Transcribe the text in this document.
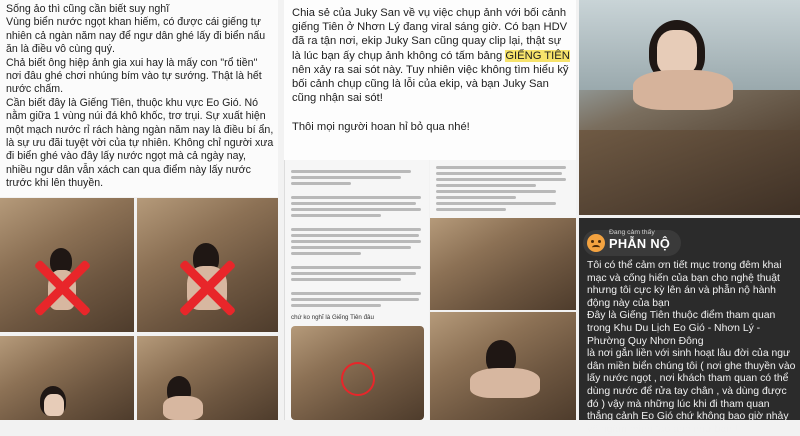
Sống ảo thì cũng cần biết suy nghĩ
Vùng biển nước ngọt khan hiếm, có được cái giếng tự nhiên cả ngàn năm nay để ngư dân ghé lấy đi biển nấu ăn là điều vô cùng quý.
Chả biết ông hiệp ảnh gia xui hay là mấy con "rổ tiền" nơi đâu ghé chơi nhúng bím vào tự sướng. Thật là hết nước chấm.
Cần biết đây là Giếng Tiên, thuộc khu vực Eo Gió. Nó nằm giữa 1 vùng núi đá khô khốc, trơ trụi. Sự xuất hiện một mạch nước rỉ rách hàng ngàn năm nay là điều bí ẩn, là sự ưu đãi tuyệt vời của tự nhiên. Không chỉ người xưa đi biển ghé vào đây lấy nước ngọt mà cả ngày nay, nhiều ngư dân vẫn xách can qua điểm này lấy nước trước khi lên thuyền.
Chia sẻ của Juky San về vụ việc chụp ảnh với bối cảnh giếng Tiên ở Nhơn Lý đang viral sáng giờ. Có bạn HDV đã ra tận nơi, ekip Juky San cũng quay clip lại, thật sự là lúc bạn ấy chụp ảnh không có tấm bảng GIẾNG TIÊN nên xảy ra sai sót này. Tuy nhiên việc không tìm hiểu kỹ bối cảnh chụp cũng là lỗi của ekip, và bạn Juky San cũng nhận sai sót!

Thôi mọi người hoan hỉ bỏ qua nhé!
chứ ko nghĩ là Giếng Tiên đâu
Đang cảm thấy
PHẪN NỘ
Tôi có thể cảm ơn tiết mục trong đêm khai mạc và cống hiến của bạn cho nghệ thuật nhưng tôi cực kỳ lên án và phẫn nộ hành động này của bạn
Đây là Giếng Tiên thuộc điểm tham quan trong Khu Du Lịch Eo Gió - Nhơn Lý - Phường Quy Nhơn Đông
là nơi gắn liền với sinh hoạt lâu đời của ngư dân miền biển chúng tôi ( nơi ghe thuyền vào lấy nước ngọt , nơi khách tham quan có thể dùng nước để rửa tay chân , và dùng được đó ) vậy mà những lúc khi đi tham quan thắng cảnh Eo Gió chứ không bao giờ nhảy vô ngâm mình tạo ảnh như bạn !
